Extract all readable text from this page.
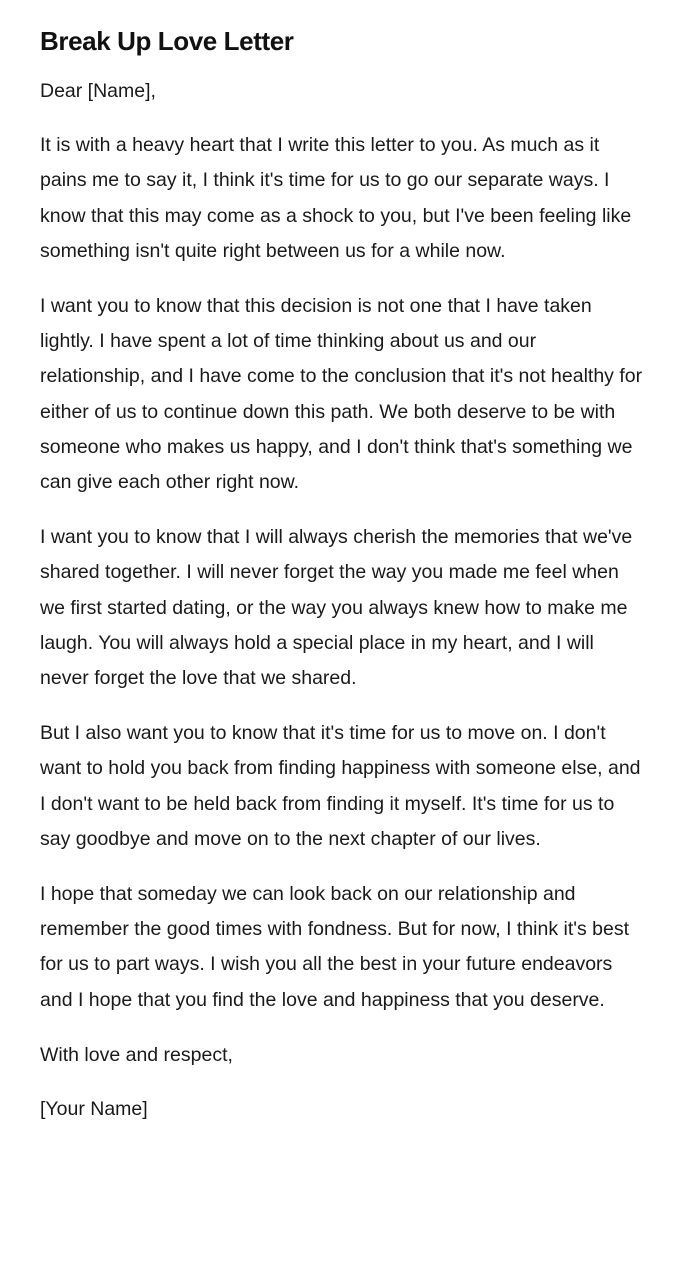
Break Up Love Letter

Dear [Name],

It is with a heavy heart that I write this letter to you. As much as it pains me to say it, I think it's time for us to go our separate ways. I know that this may come as a shock to you, but I've been feeling like something isn't quite right between us for a while now.

I want you to know that this decision is not one that I have taken lightly. I have spent a lot of time thinking about us and our relationship, and I have come to the conclusion that it's not healthy for either of us to continue down this path. We both deserve to be with someone who makes us happy, and I don't think that's something we can give each other right now.

I want you to know that I will always cherish the memories that we've shared together. I will never forget the way you made me feel when we first started dating, or the way you always knew how to make me laugh. You will always hold a special place in my heart, and I will never forget the love that we shared.

But I also want you to know that it's time for us to move on. I don't want to hold you back from finding happiness with someone else, and I don't want to be held back from finding it myself. It's time for us to say goodbye and move on to the next chapter of our lives.

I hope that someday we can look back on our relationship and remember the good times with fondness. But for now, I think it's best for us to part ways. I wish you all the best in your future endeavors and I hope that you find the love and happiness that you deserve.

With love and respect,

[Your Name]
